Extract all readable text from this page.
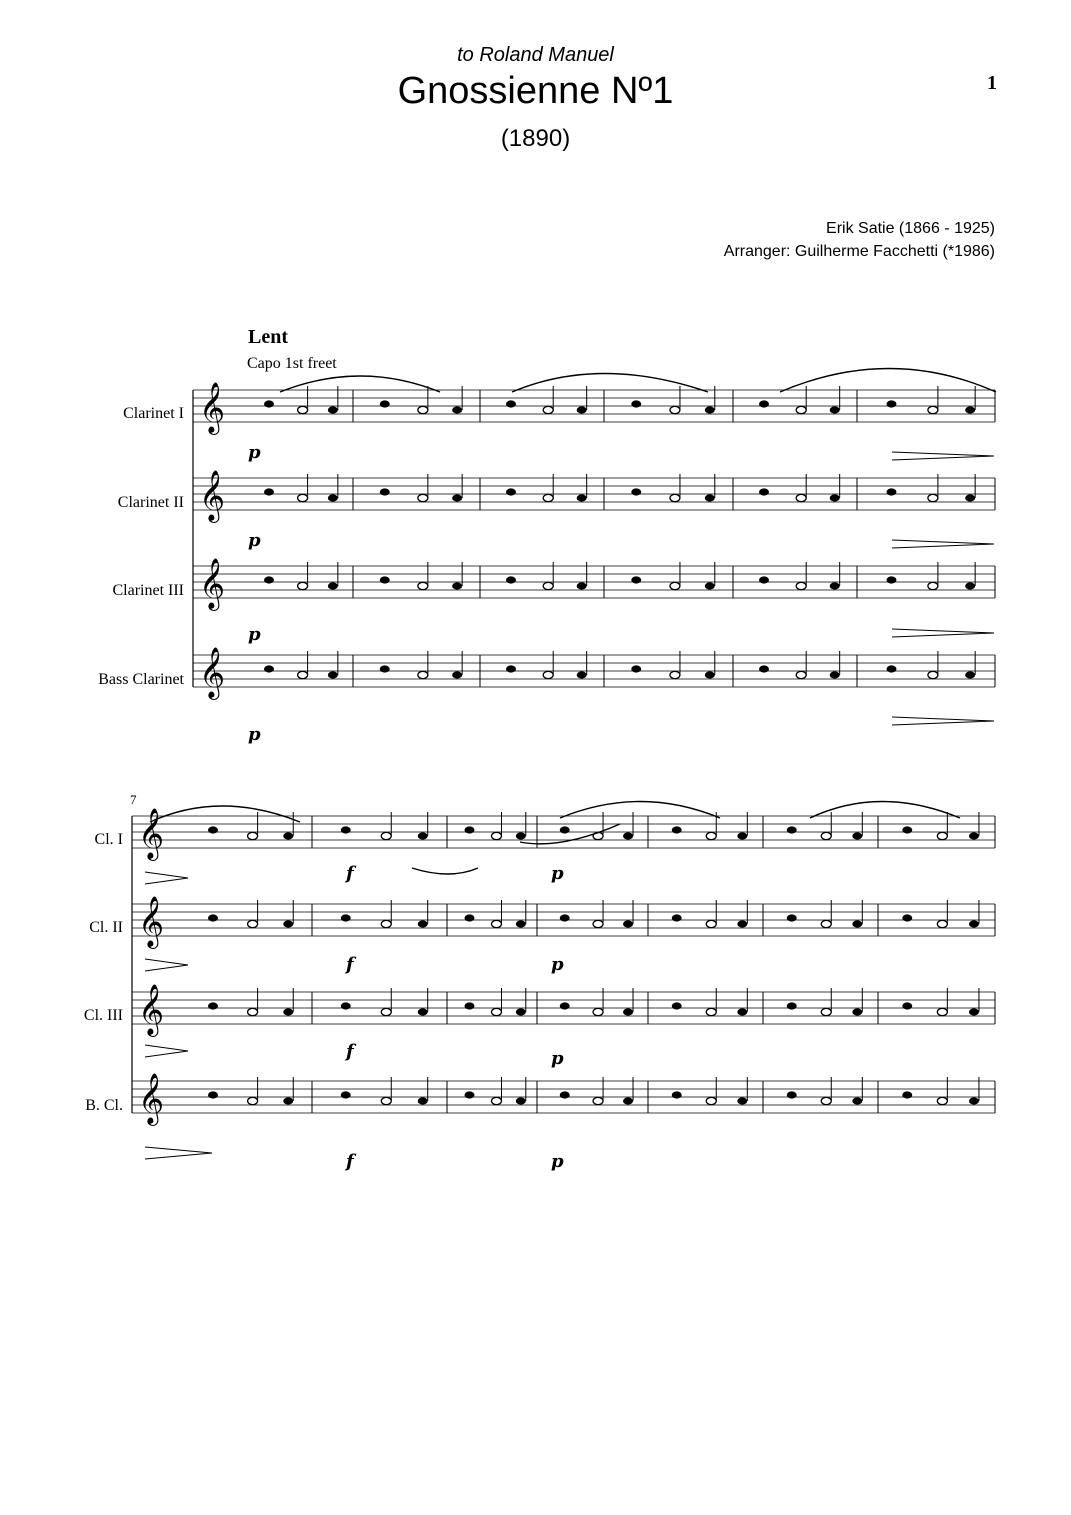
to Roland Manuel
Gnossienne Nº1
(1890)
1
Erik Satie (1866 - 1925)
Arranger: Guilherme Facchetti (*1986)
Lent
Capo 1st freet
7
Clarinet I
Clarinet II
Clarinet III
Bass Clarinet
Cl. I
Cl. II
Cl. III
B. Cl.
𝄞
𝄞
𝄞
𝄞
𝄞
𝄞
𝄞
𝄞
p
p
p
p
f	p
f	p
f	p
f	p
